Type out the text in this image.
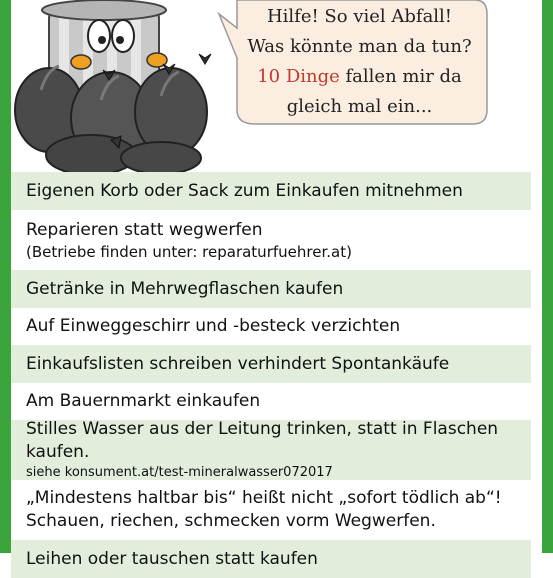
Hilfe! So viel Abfall!
Was könnte man da tun?
10 Dinge fallen mir da
gleich mal ein...
Eigenen Korb oder Sack zum Einkaufen mitnehmen
Reparieren statt wegwerfen
(Betriebe finden unter: reparaturfuehrer.at)
Getränke in Mehrwegflaschen kaufen
Auf Einweggeschirr und -besteck verzichten
Einkaufslisten schreiben verhindert Spontankäufe
Am Bauernmarkt einkaufen
Stilles Wasser aus der Leitung trinken, statt in Flaschen kaufen.
siehe konsument.at/test-mineralwasser072017
„Mindestens haltbar bis“ heißt nicht „sofort tödlich ab“!
Schauen, riechen, schmecken vorm Wegwerfen.
Leihen oder tauschen statt kaufen
